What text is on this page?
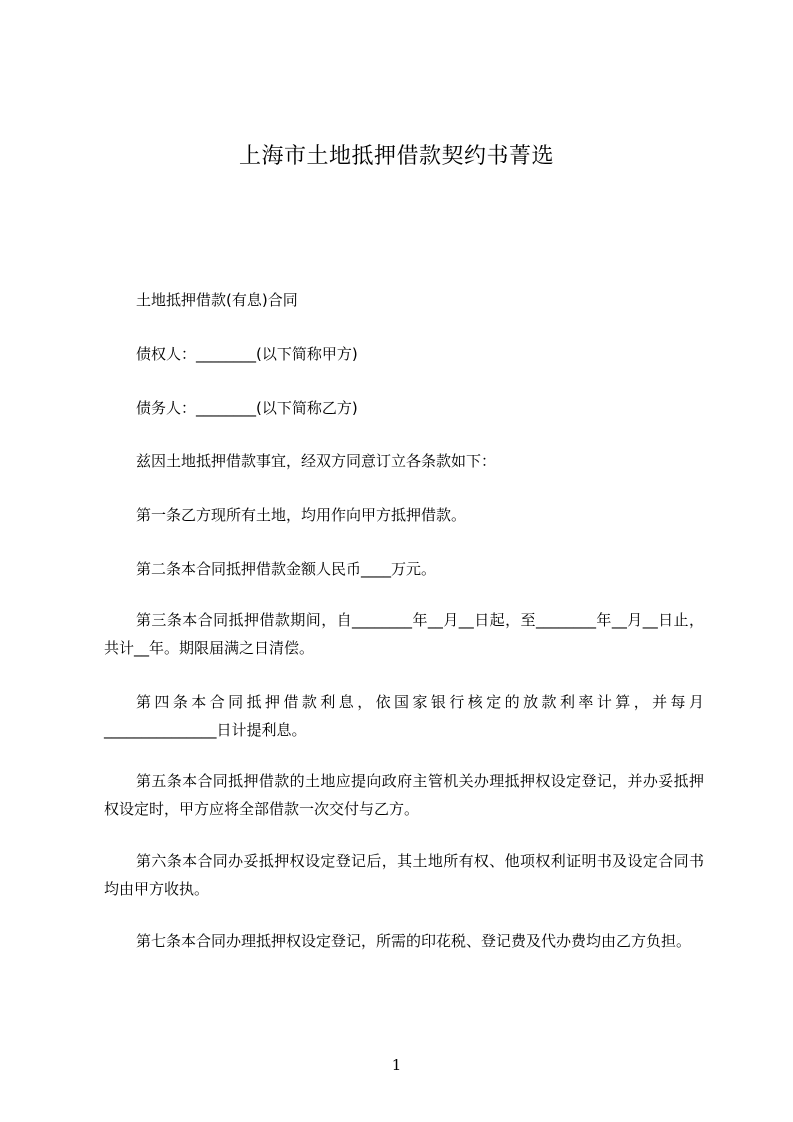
上海市土地抵押借款契约书菁选

土地抵押借款(有息)合同

债权人：________(以下简称甲方)

债务人：________(以下简称乙方)

兹因土地抵押借款事宜，经双方同意订立各条款如下：

第一条乙方现所有土地，均用作向甲方抵押借款。

第二条本合同抵押借款金额人民币____万元。

第三条本合同抵押借款期间，自________年__月__日起，至________年__月__日止，共计__年。期限届满之日清偿。

第四条本合同抵押借款利息，依国家银行核定的放款利率计算，并每月_______________日计提利息。

第五条本合同抵押借款的土地应提向政府主管机关办理抵押权设定登记，并办妥抵押权设定时，甲方应将全部借款一次交付与乙方。

第六条本合同办妥抵押权设定登记后，其土地所有权、他项权利证明书及设定合同书均由甲方收执。

第七条本合同办理抵押权设定登记，所需的印花税、登记费及代办费均由乙方负担。

1
